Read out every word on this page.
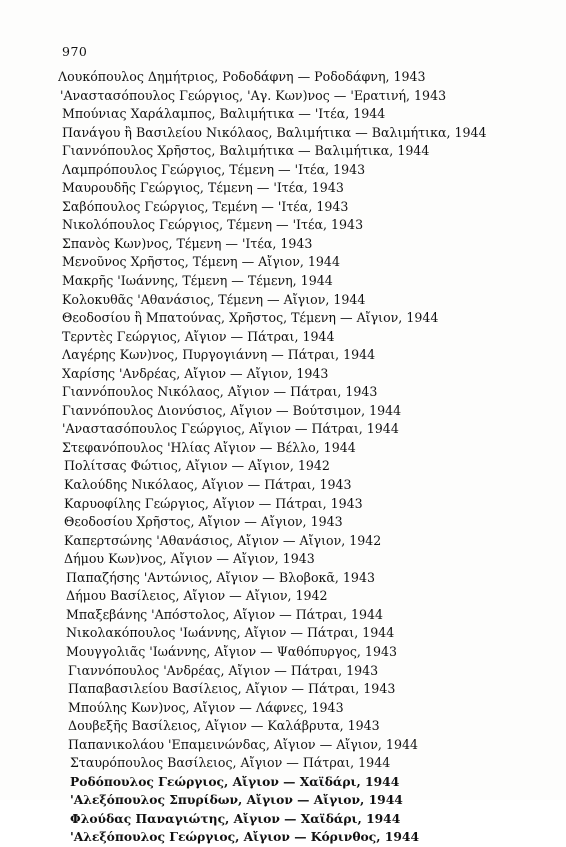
970
Λουκόπουλος Δημήτριος, Ροδοδάφνη — Ροδοδάφνη, 1943
'Αναστασόπουλος Γεώργιος, 'Αγ. Κων)νος — 'Ερατινή, 1943
Μπούνιας Χαράλαμπος, Βαλιμήτικα — 'Ιτέα, 1944
Πανάγου ἢ Βασιλείου Νικόλαος, Βαλιμήτικα — Βαλιμήτικα, 1944
Γιαννόπουλος Χρῆστος, Βαλιμήτικα — Βαλιμήτικα, 1944
Λαμπρόπουλος Γεώργιος, Τέμενη — 'Ιτέα, 1943
Μαυρουδῆς Γεώργιος, Τέμενη — 'Ιτέα, 1943
Σαβόπουλος Γεώργιος, Τεμένη — 'Ιτέα, 1943
Νικολόπουλος Γεώργιος, Τέμενη — 'Ιτέα, 1943
Σπανὸς Κων)νος, Τέμενη — 'Ιτέα, 1943
Μενοῦνος Χρῆστος, Τέμενη — Αἴγιον, 1944
Μακρῆς 'Ιωάννης, Τέμενη — Τέμενη, 1944
Κολοκυθᾶς 'Αθανάσιος, Τέμενη — Αἴγιον, 1944
Θεοδοσίου ἢ Μπατούνας, Χρῆστος, Τέμενη — Αἴγιον, 1944
Τερντὲς Γεώργιος, Αἴγιον — Πάτραι, 1944
Λαγέρης Κων)νος, Πυργογιάννη — Πάτραι, 1944
Χαρίσης 'Ανδρέας, Αἴγιον — Αἴγιον, 1943
Γιαννόπουλος Νικόλαος, Αἴγιον — Πάτραι, 1943
Γιαννόπουλος Διονύσιος, Αἴγιον — Βούτσιμον, 1944
'Αναστασόπουλος Γεώργιος, Αἴγιον — Πάτραι, 1944
Στεφανόπουλος 'Ηλίας Αἴγιον — Βέλλο, 1944
Πολίτσας Φώτιος, Αἴγιον — Αἴγιον, 1942
Καλούδης Νικόλαος, Αἴγιον — Πάτραι, 1943
Καρυοφίλης Γεώργιος, Αἴγιον — Πάτραι, 1943
Θεοδοσίου Χρῆστος, Αἴγιον — Αἴγιον, 1943
Καπερτσώνης 'Αθανάσιος, Αἴγιον — Αἴγιον, 1942
Δήμου Κων)νος, Αἴγιον — Αἴγιον, 1943
Παπαζήσης 'Αντώνιος, Αἴγιον — Βλοβοκᾶ, 1943
Δήμου Βασίλειος, Αἴγιον — Αἴγιον, 1942
Μπαξεβάνης 'Απόστολος, Αἴγιον — Πάτραι, 1944
Νικολακόπουλος 'Ιωάννης, Αἴγιον — Πάτραι, 1944
Μουγγολιᾶς 'Ιωάννης, Αἴγιον — Ψαθόπυργος, 1943
Γιαννόπουλος 'Ανδρέας, Αἴγιον — Πάτραι, 1943
Παπαβασιλείου Βασίλειος, Αἴγιον — Πάτραι, 1943
Μπούλης Κων)νος, Αἴγιον — Λάφνες, 1943
Δουβεξῆς Βασίλειος, Αἴγιον — Καλάβρυτα, 1943
Παπανικολάου 'Επαμεινώνδας, Αἴγιον — Αἴγιον, 1944
Σταυρόπουλος Βασίλειος, Αἴγιον — Πάτραι, 1944
Ροδόπουλος Γεώργιος, Αἴγιον — Χαϊδάρι, 1944
'Αλεξόπουλος Σπυρίδων, Αἴγιον — Αἴγιον, 1944
Φλούδας Παναγιώτης, Αἴγιον — Χαϊδάρι, 1944
'Αλεξόπουλος Γεώργιος, Αἴγιον — Κόρινθος, 1944
